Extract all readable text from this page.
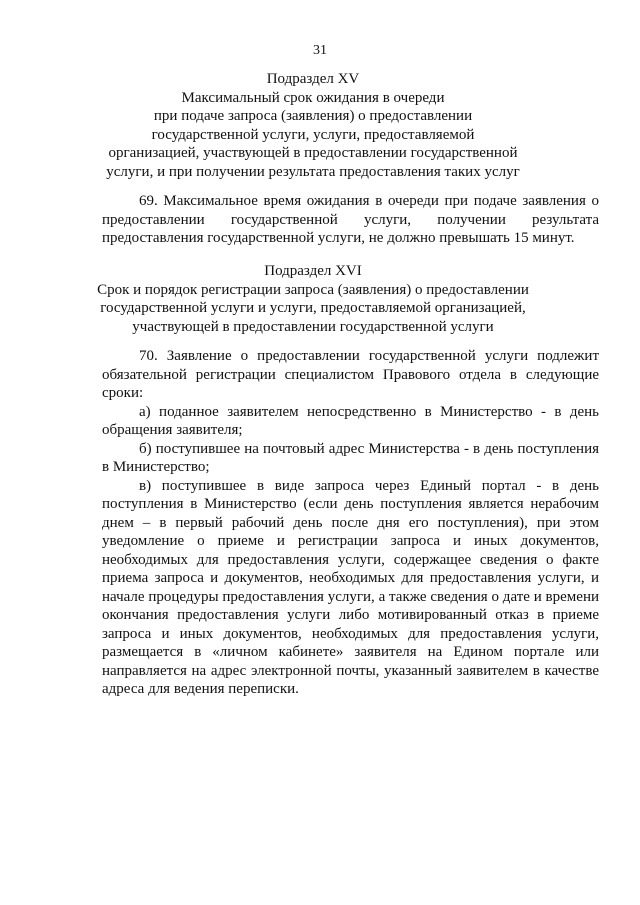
31
Подраздел XV
Максимальный срок ожидания в очереди
при подаче запроса (заявления) о предоставлении
государственной услуги, услуги, предоставляемой
организацией, участвующей в предоставлении государственной
услуги, и при получении результата предоставления таких услуг
69. Максимальное время ожидания в очереди при подаче заявления о
предоставлении государственной услуги, получении результата
предоставления государственной услуги, не должно превышать 15 минут.
Подраздел XVI
Срок и порядок регистрации запроса (заявления) о предоставлении
государственной услуги и услуги, предоставляемой организацией,
участвующей в предоставлении государственной услуги
70. Заявление о предоставлении государственной услуги подлежит
обязательной регистрации специалистом Правового отдела в следующие
сроки:
а) поданное заявителем непосредственно в Министерство - в день
обращения заявителя;
б) поступившее на почтовый адрес Министерства - в день поступления
в Министерство;
в) поступившее в виде запроса через Единый портал - в день
поступления в Министерство (если день поступления является нерабочим
днем – в первый рабочий день после дня его поступления), при этом
уведомление о приеме и регистрации запроса и иных документов,
необходимых для предоставления услуги, содержащее сведения о факте
приема запроса и документов, необходимых для предоставления услуги, и
начале процедуры предоставления услуги, а также сведения о дате и времени
окончания предоставления услуги либо мотивированный отказ в приеме
запроса и иных документов, необходимых для предоставления услуги,
размещается в «личном кабинете» заявителя на Едином портале или
направляется на адрес электронной почты, указанный заявителем в качестве
адреса для ведения переписки.
